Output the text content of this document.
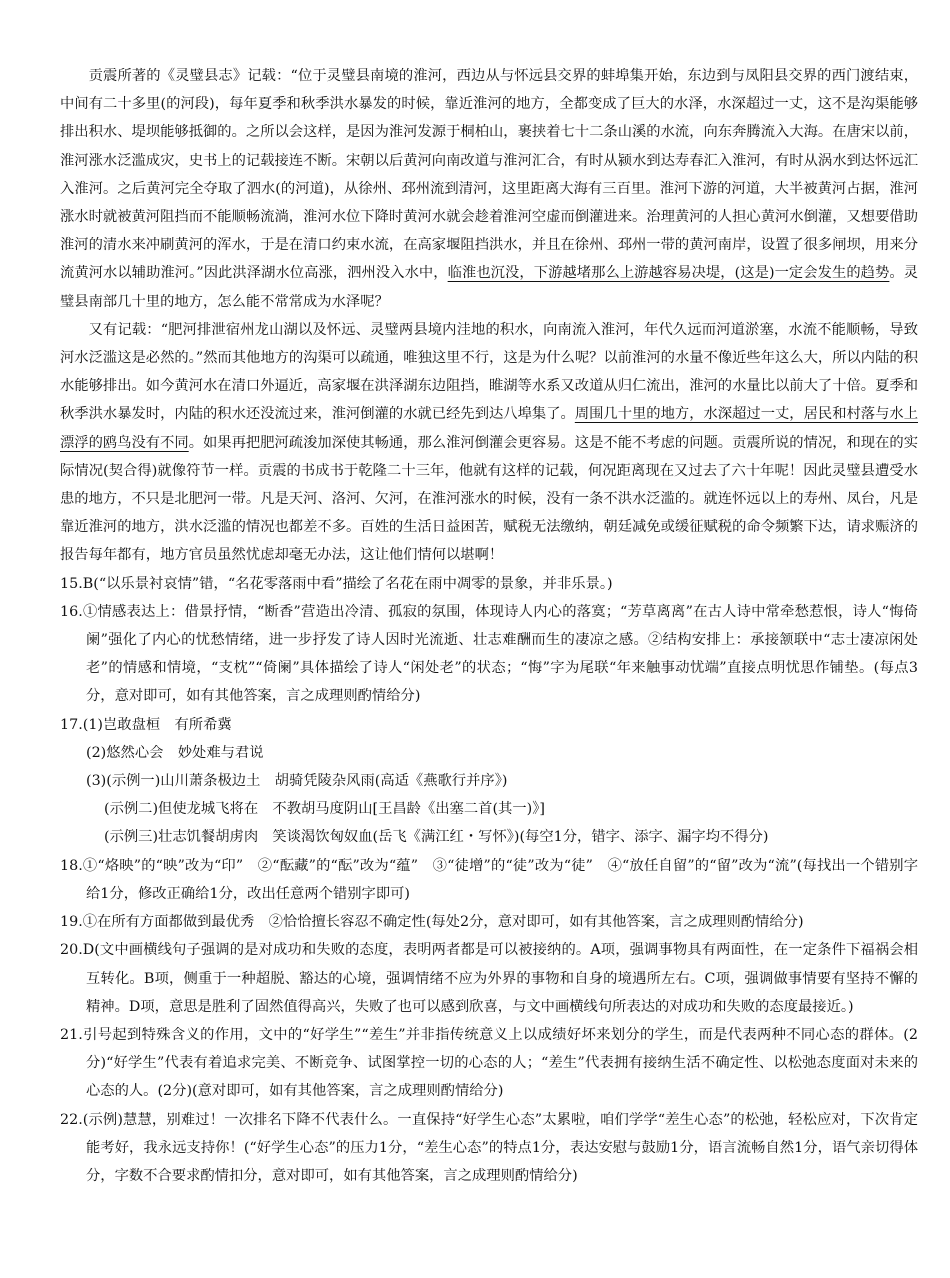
贡震所著的《灵璧县志》记载：“位于灵璧县南境的淮河，西边从与怀远县交界的蚌埠集开始，东边到与凤阳县交界的西门渡结束，中间有二十多里(的河段)，每年夏季和秋季洪水暴发的时候，靠近淮河的地方，全都变成了巨大的水泽，水深超过一丈，这不是沟渠能够排出积水、堤坝能够抵御的。之所以会这样，是因为淮河发源于桐柏山，裹挟着七十二条山溪的水流，向东奔腾流入大海。在唐宋以前，淮河涨水泛滥成灾，史书上的记载接连不断。宋朝以后黄河向南改道与淮河汇合，有时从颍水到达寿春汇入淮河，有时从涡水到达怀远汇入淮河。之后黄河完全夺取了泗水(的河道)，从徐州、邳州流到清河，这里距离大海有三百里。淮河下游的河道，大半被黄河占据，淮河涨水时就被黄河阻挡而不能顺畅流淌，淮河水位下降时黄河水就会趁着淮河空虚而倒灌进来。治理黄河的人担心黄河水倒灌，又想要借助淮河的清水来冲刷黄河的浑水，于是在清口约束水流，在高家堰阻挡洪水，并且在徐州、邳州一带的黄河南岸，设置了很多闸坝，用来分流黄河水以辅助淮河。”因此洪泽湖水位高涨，泗州没入水中，临淮也沉没，下游越堵那么上游越容易决堤，(这是)一定会发生的趋势。灵璧县南部几十里的地方，怎么能不常常成为水泽呢？

又有记载：“肥河排泄宿州龙山湖以及怀远、灵璧两县境内洼地的积水，向南流入淮河，年代久远而河道淤塞，水流不能顺畅，导致河水泛滥这是必然的。”然而其他地方的沟渠可以疏通，唯独这里不行，这是为什么呢？以前淮河的水量不像近些年这么大，所以内陆的积水能够排出。如今黄河水在清口外逼近，高家堰在洪泽湖东边阻挡，睢湖等水系又改道从归仁流出，淮河的水量比以前大了十倍。夏季和秋季洪水暴发时，内陆的积水还没流过来，淮河倒灌的水就已经先到达八埠集了。周围几十里的地方，水深超过一丈，居民和村落与水上漂浮的鸥鸟没有不同。如果再把肥河疏浚加深使其畅通，那么淮河倒灌会更容易。这是不能不考虑的问题。贡震所说的情况，和现在的实际情况(契合得)就像符节一样。贡震的书成书于乾隆二十三年，他就有这样的记载，何况距离现在又过去了六十年呢！因此灵璧县遭受水患的地方，不只是北肥河一带。凡是天河、洛河、欠河，在淮河涨水的时候，没有一条不洪水泛滥的。就连怀远以上的寿州、凤台，凡是靠近淮河的地方，洪水泛滥的情况也都差不多。百姓的生活日益困苦，赋税无法缴纳，朝廷减免或缓征赋税的命令频繁下达，请求赈济的报告每年都有，地方官员虽然忧虑却毫无办法，这让他们情何以堪啊！

15.B(“以乐景衬哀情”错，“名花零落雨中看”描绘了名花在雨中凋零的景象，并非乐景。)

16.①情感表达上：借景抒情，“断香”营造出冷清、孤寂的氛围，体现诗人内心的落寞；“芳草离离”在古人诗中常牵愁惹恨，诗人“悔倚阑”强化了内心的忧愁情绪，进一步抒发了诗人因时光流逝、壮志难酬而生的凄凉之感。②结构安排上：承接颔联中“志士凄凉闲处老”的情感和情境，“支枕”“倚阑”具体描绘了诗人“闲处老”的状态；“悔”字为尾联“年来触事动忧端”直接点明忧思作铺垫。(每点3分，意对即可，如有其他答案，言之成理则酌情给分)

17.(1)岂敢盘桓　有所希冀

(2)悠然心会　妙处难与君说

(3)(示例一)山川萧条极边土　胡骑凭陵杂风雨(高适《燕歌行并序》)

(示例二)但使龙城飞将在　不教胡马度阴山[王昌龄《出塞二首(其一)》]

(示例三)壮志饥餐胡虏肉　笑谈渴饮匈奴血(岳飞《满江红・写怀》)(每空1分，错字、添字、漏字均不得分)

18.①“烙映”的“映”改为“印”　②“酝藏”的“酝”改为“蕴”　③“徒增”的“徒”改为“徒”　④“放任自留”的“留”改为“流”(每找出一个错别字给1分，修改正确给1分，改出任意两个错别字即可)

19.①在所有方面都做到最优秀　②恰恰擅长容忍不确定性(每处2分，意对即可，如有其他答案，言之成理则酌情给分)

20.D(文中画横线句子强调的是对成功和失败的态度，表明两者都是可以被接纳的。A项，强调事物具有两面性，在一定条件下福祸会相互转化。B项，侧重于一种超脱、豁达的心境，强调情绪不应为外界的事物和自身的境遇所左右。C项，强调做事情要有坚持不懈的精神。D项，意思是胜利了固然值得高兴，失败了也可以感到欣喜，与文中画横线句所表达的对成功和失败的态度最接近。)

21.引号起到特殊含义的作用，文中的“好学生”“差生”并非指传统意义上以成绩好坏来划分的学生，而是代表两种不同心态的群体。(2分)“好学生”代表有着追求完美、不断竞争、试图掌控一切的心态的人；“差生”代表拥有接纳生活不确定性、以松弛态度面对未来的心态的人。(2分)(意对即可，如有其他答案，言之成理则酌情给分)

22.(示例)慧慧，别难过！一次排名下降不代表什么。一直保持“好学生心态”太累啦，咱们学学“差生心态”的松弛，轻松应对，下次肯定能考好，我永远支持你！(“好学生心态”的压力1分，“差生心态”的特点1分，表达安慰与鼓励1分，语言流畅自然1分，语气亲切得体　分，字数不合要求酌情扣分，意对即可，如有其他答案，言之成理则酌情给分)
